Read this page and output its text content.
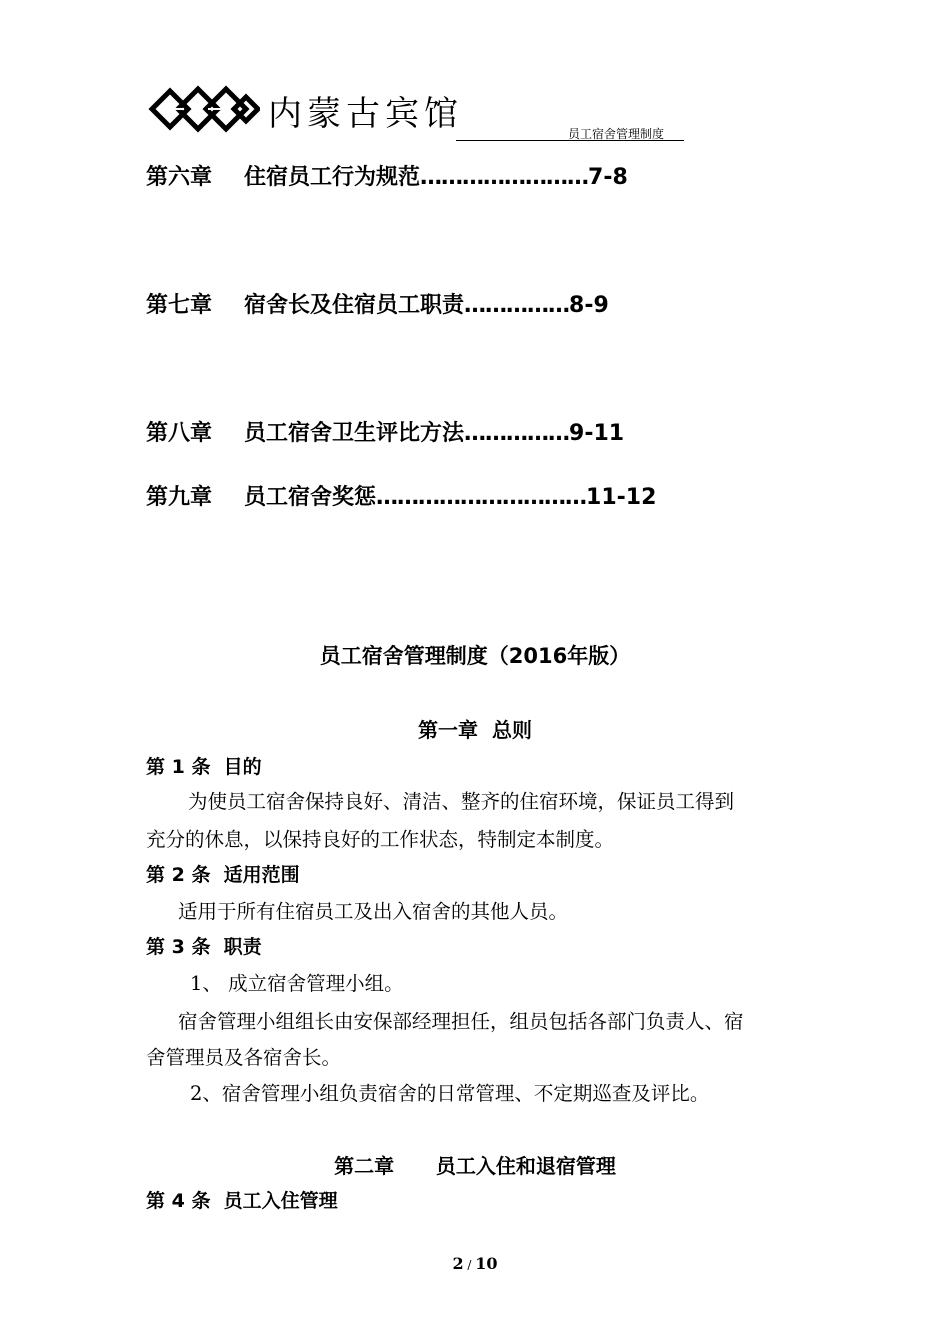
内蒙古宾馆	员工宿舍管理制度
第六章 住宿员工行为规范……………………7-8
第七章 宿舍长及住宿员工职责……………8-9
第八章 员工宿舍卫生评比方法……………9-11
第九章 员工宿舍奖惩…………………………11-12
员工宿舍管理制度（2016年版）
第一章  总则
第 1 条  目的
为使员工宿舍保持良好、清洁、整齐的住宿环境，保证员工得到
充分的休息，以保持良好的工作状态，特制定本制度。
第 2 条  适用范围
适用于所有住宿员工及出入宿舍的其他人员。
第 3 条  职责
1、 成立宿舍管理小组。
宿舍管理小组组长由安保部经理担任，组员包括各部门负责人、宿
舍管理员及各宿舍长。
2、宿舍管理小组负责宿舍的日常管理、不定期巡查及评比。
第二章      员工入住和退宿管理
第 4 条  员工入住管理
2 / 10
